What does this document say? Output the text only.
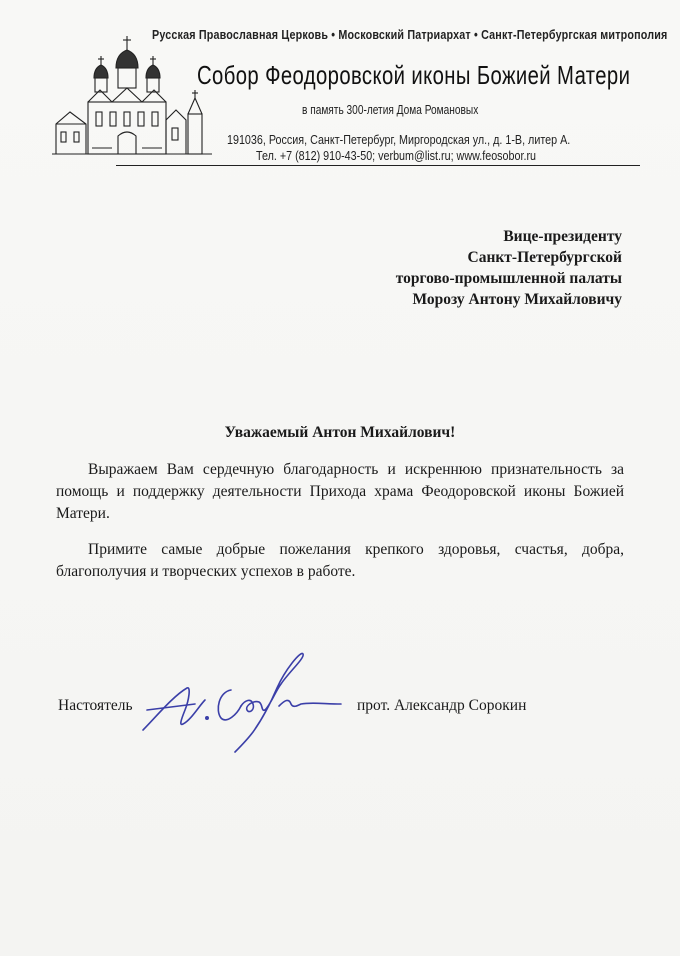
Русская Православная Церковь • Московский Патриархат • Санкт-Петербургская митрополия
Собор Феодоровской иконы Божией Матери
в память 300-летия Дома Романовых
191036, Россия, Санкт-Петербург, Миргородская ул., д. 1-В, литер А.
Тел. +7 (812) 910-43-50; verbum@list.ru; www.feosobor.ru
Вице-президенту
Санкт-Петербургской
торгово-промышленной палаты
Морозу Антону Михайловичу
Уважаемый Антон Михайлович!
Выражаем Вам сердечную благодарность и искреннюю признательность за помощь и поддержку деятельности Прихода храма Феодоровской иконы Божией Матери.
Примите самые добрые пожелания крепкого здоровья, счастья, добра, благополучия и творческих успехов в работе.
Настоятель	прот. Александр Сорокин
